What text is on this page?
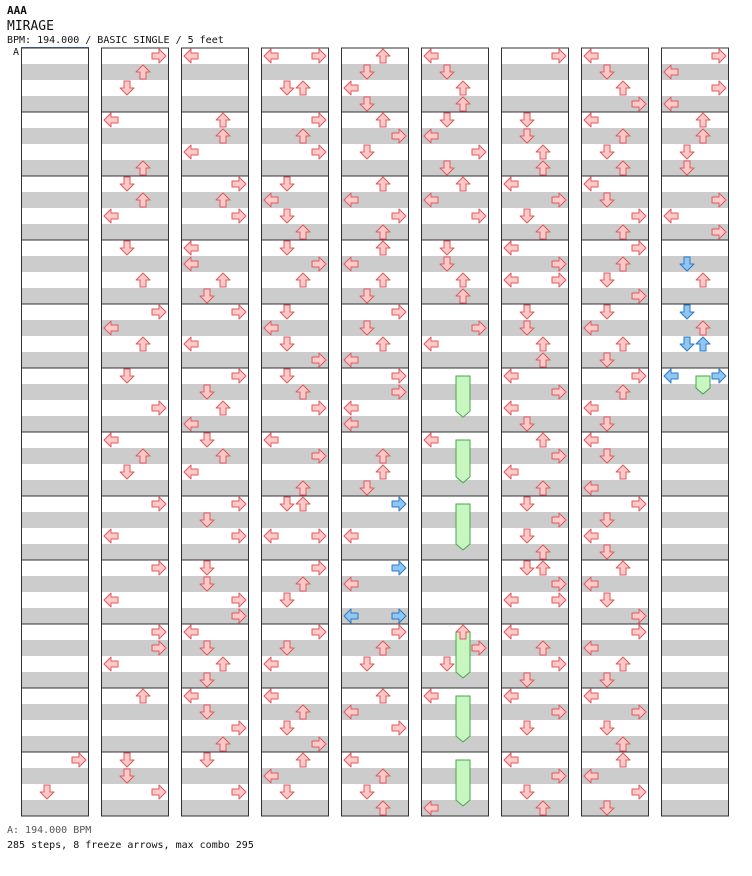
AAA
MIRAGE
BPM: 194.000 / BASIC SINGLE / 5 feet
A
A: 194.000 BPM
285 steps, 8 freeze arrows, max combo 295
